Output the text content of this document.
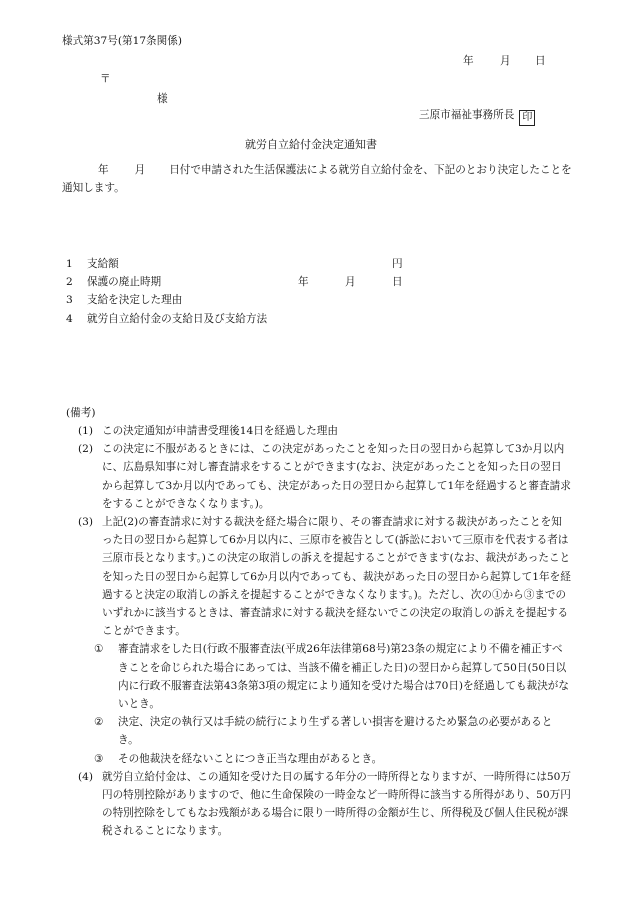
様式第37号(第17条関係)
年 月 日
〒
様
三原市福祉事務所長 印
就労自立給付金決定通知書
年 月 日付で申請された生活保護法による就労自立給付金を、下記のとおり決定したことを通知します。
1 支給額	円
2 保護の廃止時期	年	月	日
3 支給を決定した理由
4 就労自立給付金の支給日及び支給方法
(備考)
(1) この決定通知が申請書受理後14日を経過した理由
(2) この決定に不服があるときには、この決定があったことを知った日の翌日から起算して3か月以内に、広島県知事に対し審査請求をすることができます(なお、決定があったことを知った日の翌日から起算して3か月以内であっても、決定があった日の翌日から起算して1年を経過すると審査請求をすることができなくなります。)。
(3) 上記(2)の審査請求に対する裁決を経た場合に限り、その審査請求に対する裁決があったことを知った日の翌日から起算して6か月以内に、三原市を被告として(訴訟において三原市を代表する者は三原市長となります。)この決定の取消しの訴えを提起することができます(なお、裁決があったことを知った日の翌日から起算して6か月以内であっても、裁決があった日の翌日から起算して1年を経過すると決定の取消しの訴えを提起することができなくなります。)。ただし、次の①から③までのいずれかに該当するときは、審査請求に対する裁決を経ないでこの決定の取消しの訴えを提起することができます。
① 審査請求をした日(行政不服審査法(平成26年法律第68号)第23条の規定により不備を補正すべきことを命じられた場合にあっては、当該不備を補正した日)の翌日から起算して50日(50日以内に行政不服審査法第43条第3項の規定により通知を受けた場合は70日)を経過しても裁決がないとき。
② 決定、決定の執行又は手続の続行により生ずる著しい損害を避けるため緊急の必要があるとき。
③ その他裁決を経ないことにつき正当な理由があるとき。
(4) 就労自立給付金は、この通知を受けた日の属する年分の一時所得となりますが、一時所得には50万円の特別控除がありますので、他に生命保険の一時金など一時所得に該当する所得があり、50万円の特別控除をしてもなお残額がある場合に限り一時所得の金額が生じ、所得税及び個人住民税が課税されることになります。
